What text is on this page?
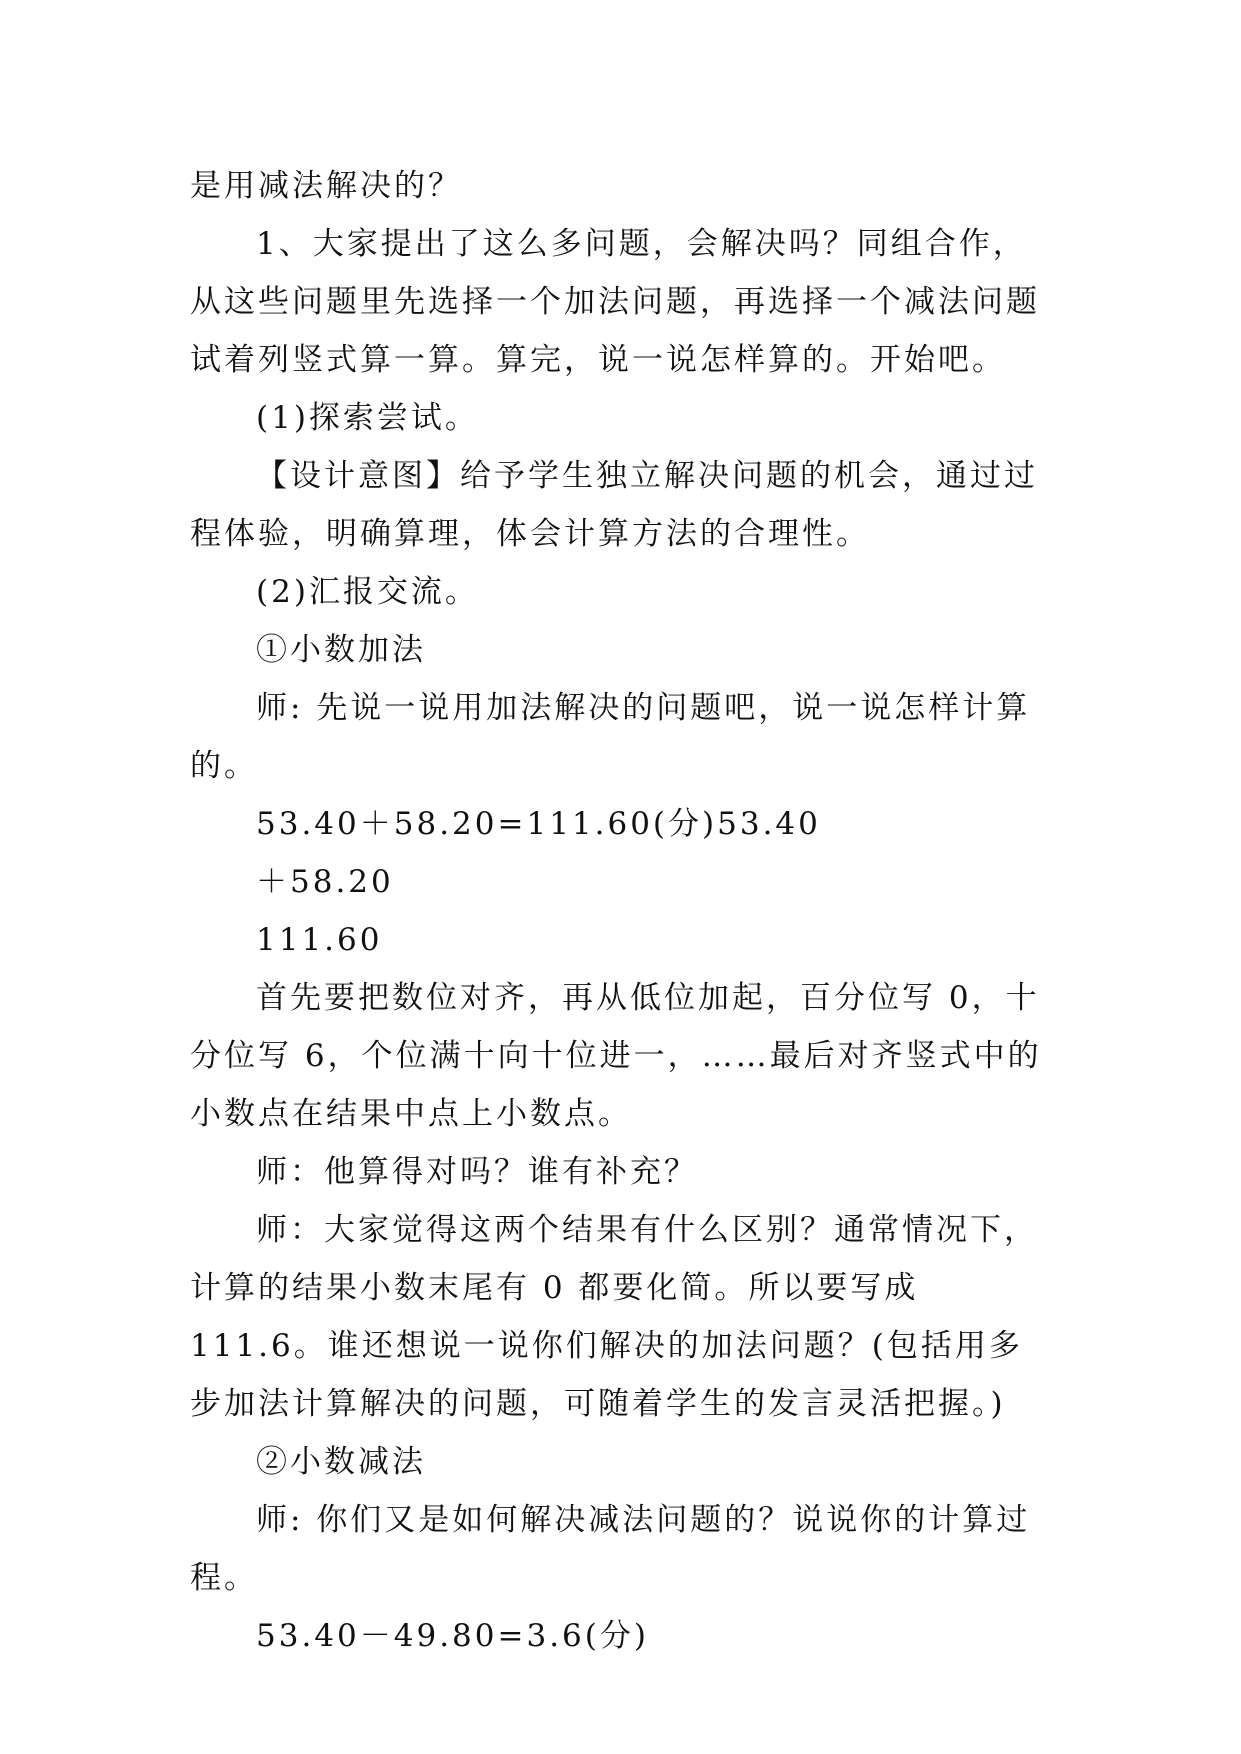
是用减法解决的？

1、大家提出了这么多问题，会解决吗？同组合作，从这些问题里先选择一个加法问题，再选择一个减法问题试着列竖式算一算。算完，说一说怎样算的。开始吧。

(1)探索尝试。

【设计意图】给予学生独立解决问题的机会，通过过程体验，明确算理，体会计算方法的合理性。

(2)汇报交流。

①小数加法

师: 先说一说用加法解决的问题吧，说一说怎样计算的。

53.40＋58.20=111.60(分)53.40

＋58.20

111.60

首先要把数位对齐，再从低位加起，百分位写 0，十分位写 6，个位满十向十位进一，……最后对齐竖式中的小数点在结果中点上小数点。

师：他算得对吗？谁有补充？

师：大家觉得这两个结果有什么区别？通常情况下，计算的结果小数末尾有 0 都要化简。所以要写成 111.6。谁还想说一说你们解决的加法问题？(包括用多步加法计算解决的问题，可随着学生的发言灵活把握。)

②小数减法

师: 你们又是如何解决减法问题的？说说你的计算过程。

53.40－49.80=3.6(分)
